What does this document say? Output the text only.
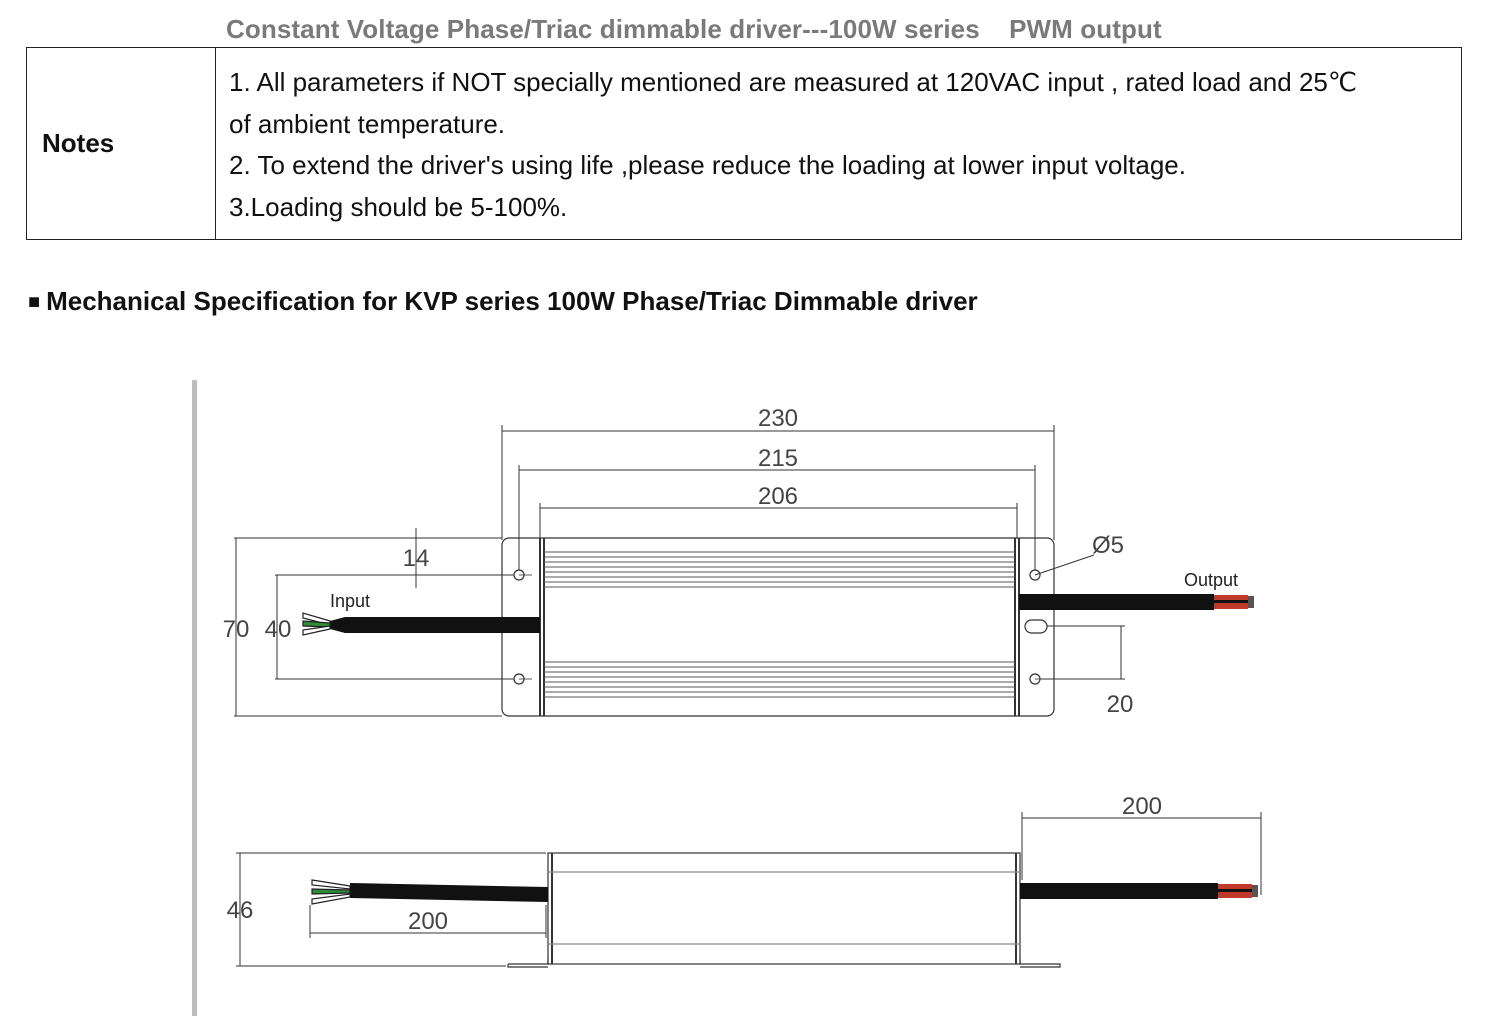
Constant Voltage Phase/Triac dimmable driver---100W series    PWM output
Notes
1. All parameters if NOT specially mentioned are measured at 120VAC input , rated load and 25℃
of ambient temperature.
2. To extend the driver's using life ,please reduce the loading at lower input voltage.
3.Loading should be 5-100%.
■ Mechanical Specification for KVP series 100W Phase/Triac Dimmable driver
230
215
206
14	Ø5
70 40
20
Input
Output
46	200
200
